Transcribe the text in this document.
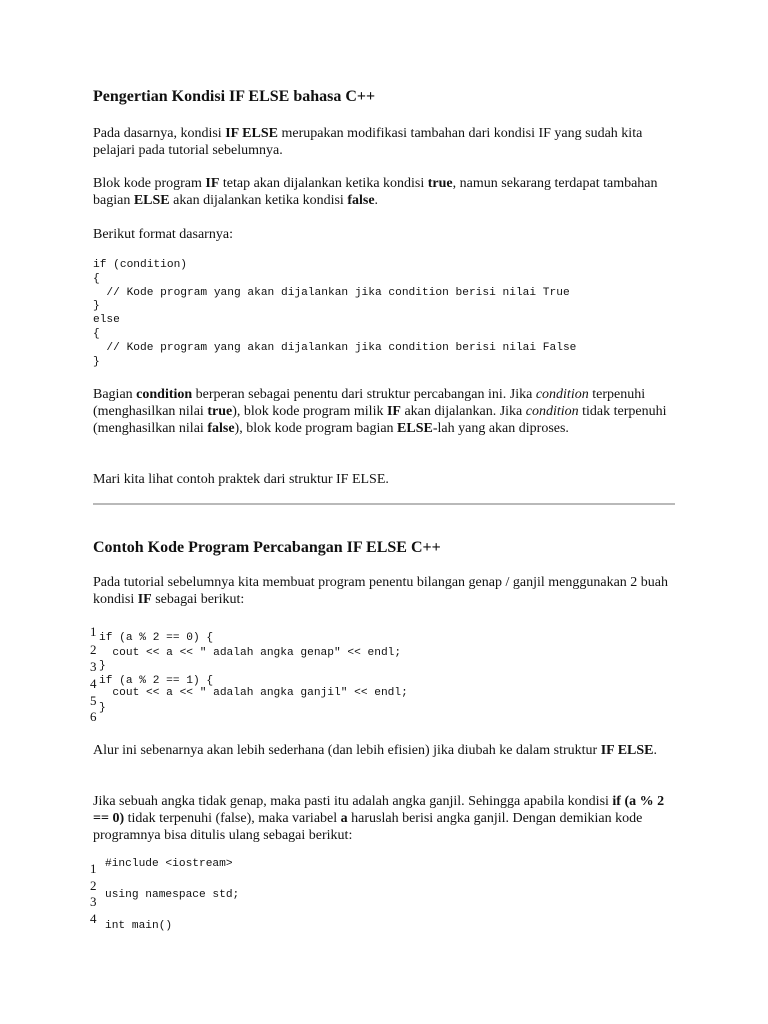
Pengertian Kondisi IF ELSE bahasa C++

Pada dasarnya, kondisi IF ELSE merupakan modifikasi tambahan dari kondisi IF yang sudah kita pelajari pada tutorial sebelumnya.

Blok kode program IF tetap akan dijalankan ketika kondisi true, namun sekarang terdapat tambahan bagian ELSE akan dijalankan ketika kondisi false.

Berikut format dasarnya:

if (condition)
{
// Kode program yang akan dijalankan jika condition berisi nilai True
}
else
{
// Kode program yang akan dijalankan jika condition berisi nilai False
}

Bagian condition berperan sebagai penentu dari struktur percabangan ini. Jika condition terpenuhi (menghasilkan nilai true), blok kode program milik IF akan dijalankan. Jika condition tidak terpenuhi (menghasilkan nilai false), blok kode program bagian ELSE-lah yang akan diproses.

Mari kita lihat contoh praktek dari struktur IF ELSE.

Contoh Kode Program Percabangan IF ELSE C++

Pada tutorial sebelumnya kita membuat program penentu bilangan genap / ganjil menggunakan 2 buah kondisi IF sebagai berikut:

1 if (a % 2 == 0) {
2 cout << a << " adalah angka genap" << endl;
3 }
4 if (a % 2 == 1) {
5 cout << a << " adalah angka ganjil" << endl;
6
}

Alur ini sebenarnya akan lebih sederhana (dan lebih efisien) jika diubah ke dalam struktur IF ELSE.

Jika sebuah angka tidak genap, maka pasti itu adalah angka ganjil. Sehingga apabila kondisi if (a % 2 == 0) tidak terpenuhi (false), maka variabel a haruslah berisi angka ganjil. Dengan demikian kode programnya bisa ditulis ulang sebagai berikut:

1 #include <iostream>
2
using namespace std;
3
4 int main()
